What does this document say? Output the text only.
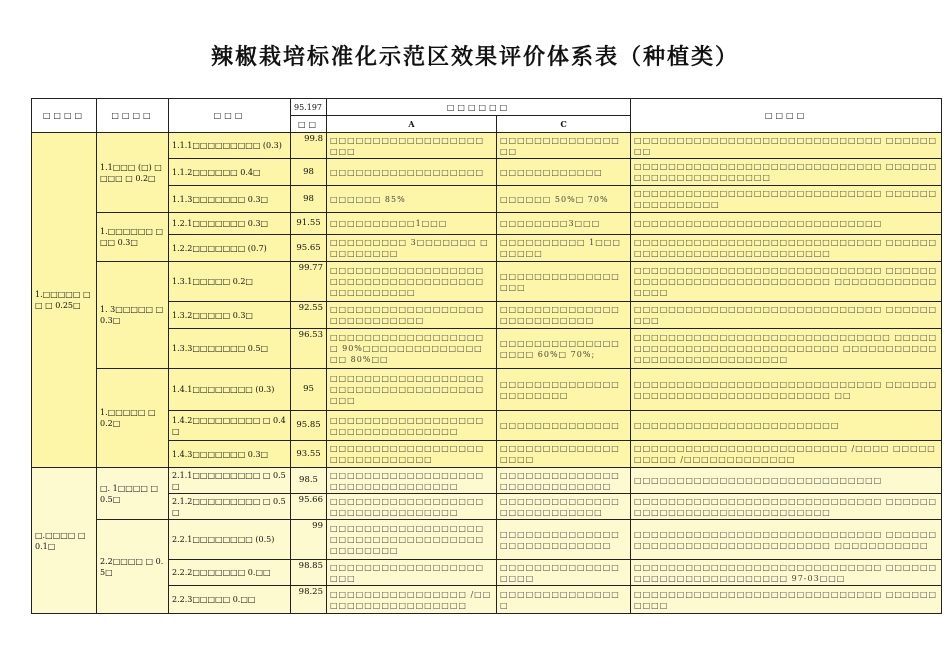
辣椒栽培标准化示范区效果评价体系表（种植类）
□□□□	□□□□	□□□	95.197	□□□□□□		□□□□
			□□	A	C	
1.□□□□□ □□ □ 0.25□	1.1□□□ (□) □□□□ □ 0.2□	1.1.1□□□□□□□□□ (0.3)	99.8	□□□□□□□□□□□□□□□□□□ □□□	□□□□□□□□□□□□□□ □□	□□□□□□□□□□□□□□□□□□□□□□□□□□□□□ □□□□□□□□
		1.1.2□□□□□□ 0.4□	98	□□□□□□□□□□□□□□□□□□	□□□□□□□□□□□□	□□□□□□□□□□□□□□□□□□□□□□□□□□□□□ □□□□□□□□□□□□□□□□□□□□□□
		1.1.3□□□□□□□ 0.3□	98	□□□□□□ 85%	□□□□□□ 50%□ 70%	□□□□□□□□□□□□□□□□□□□□□□□□□□□□□ □□□□□□□□□□□□□□□□
	1.□□□□□□ □□□ 0.3□	1.2.1□□□□□□□ 0.3□	91.55	□□□□□□□□□□1□□□	□□□□□□□□3□□□	□□□□□□□□□□□□□□□□□□□□□□□□□□□□□
		1.2.2□□□□□□□ (0.7)	95.65	□□□□□□□□□ 3□□□□□□□ □□□□□□□□□	□□□□□□□□□□ 1□□□ □□□□□	□□□□□□□□□□□□□□□□□□□□□□□□□□□□□ □□□□□□□□□□□□□□□□□□□□□□□□□□□□□
	1. 3□□□□□ □ 0.3□	1.3.1□□□□□ 0.2□	99.77	□□□□□□□□□□□□□□□□□□ □□□□□□□□□□□□□□□□□□ □□□□□□□□□□	□□□□□□□□□□□□□□ □□□	□□□□□□□□□□□□□□□□□□□□□□□□□□□□□ □□□□□□□□□□□□□□□□□□□□□□□□□□□□□ □□□□□□□□□□□□□□□□
		1.3.2□□□□□ 0.3□	92.55	□□□□□□□□□□□□□□□□□□ □□□□□□□□□□□	□□□□□□□□□□□□□□ □□□□□□□□□□□	□□□□□□□□□□□□□□□□□□□□□□□□□□□□□ □□□□□□□□□
		1.3.3□□□□□□□ 0.5□	96.53	□□□□□□□□□□□□□□□□□□ □ 90%□□□□□□□□□□□□□□ □□ 80%□□	□□□□□□□□□□□□□□ □□□□ 60%□ 70%;	□□□□□□□□□□□□□□□□□□□□□□□□□□□□□□ □□□□□□□□□□□□□□□□□□□□□□□□□□□□□ □□□□□□□□□□□□□□□□□□□□□□□□□□□□□
	1.□□□□□ □ 0.2□	1.4.1□□□□□□□□ (0.3)	95	□□□□□□□□□□□□□□□□□□ □□□□□□□□□□□□□□□□□□ □□□	□□□□□□□□□□□□□□ □□□□□□□□	□□□□□□□□□□□□□□□□□□□□□□□□□□□□□ □□□□□□□□□□□□□□□□□□□□□□□□□□□□□ □□
		1.4.2□□□□□□□□□ □ 0.4□	95.85	□□□□□□□□□□□□□□□□□□ □□□□□□□□□□□□□□□	□□□□□□□□□□□□□□	□□□□□□□□□□□□□□□□□□□□□□□□
		1.4.3□□□□□□□ 0.3□	93.55	□□□□□□□□□□□□□□□□□□ □□□□□□□□□□□□	□□□□□□□□□□□□□□ □□□□	□□□□□□□□□□□□□□□□□□□□□□□□□ /□□□□ □□□□□□□□□□ /□□□□□□□□□□□□□
□.□□□□ □ 0.1□	□. 1□□□□ □ 0.5□	2.1.1□□□□□□□□□ □ 0.5□	98.5	□□□□□□□□□□□□□□□□□□ □□□□□□□□□□□□□□□	□□□□□□□□□□□□□□ □□□□□□□□□□□□□	□□□□□□□□□□□□□□□□□□□□□□□□□□□□□
		2.1.2□□□□□□□□□ □ 0.5□	95.66	□□□□□□□□□□□□□□□□□□ □□□□□□□□□□□□□□□	□□□□□□□□□□□□□□ □□□□□□□□□□□□	□□□□□□□□□□□□□□□□□□□□□□□□□□□□□ □□□□□□□□□□□□□□□□□□□□□□□□□□□□□
	2.2□□□□ □ 0.5□	2.2.1□□□□□□□□ (0.5)	99	□□□□□□□□□□□□□□□□□□ □□□□□□□□□□□□□□□□□□ □□□□□□□□	□□□□□□□□□□□□□□ □□□□□□□□□□□□□	□□□□□□□□□□□□□□□□□□□□□□□□□□□□□ □□□□□□□□□□□□□□□□□□□□□□□□□□□□□ □□□□□□□□□□□
		2.2.2□□□□□□□ 0.□□	98.85	□□□□□□□□□□□□□□□□□□ □□□	□□□□□□□□□□□□□□ □□□□	□□□□□□□□□□□□□□□□□□□□□□□□□□□□□ □□□□□□□□□□□□□□□□□□□□□□□□ 97-03□□□
		2.2.3□□□□□ 0.□□	98.25	□□□□□□□□□□□□□□□□ /□□ □□□□□□□□□□□□□□□□	□□□□□□□□□□□□□□ □	□□□□□□□□□□□□□□□□□□□□□□□□□□□□□ □□□□□□□□□□
